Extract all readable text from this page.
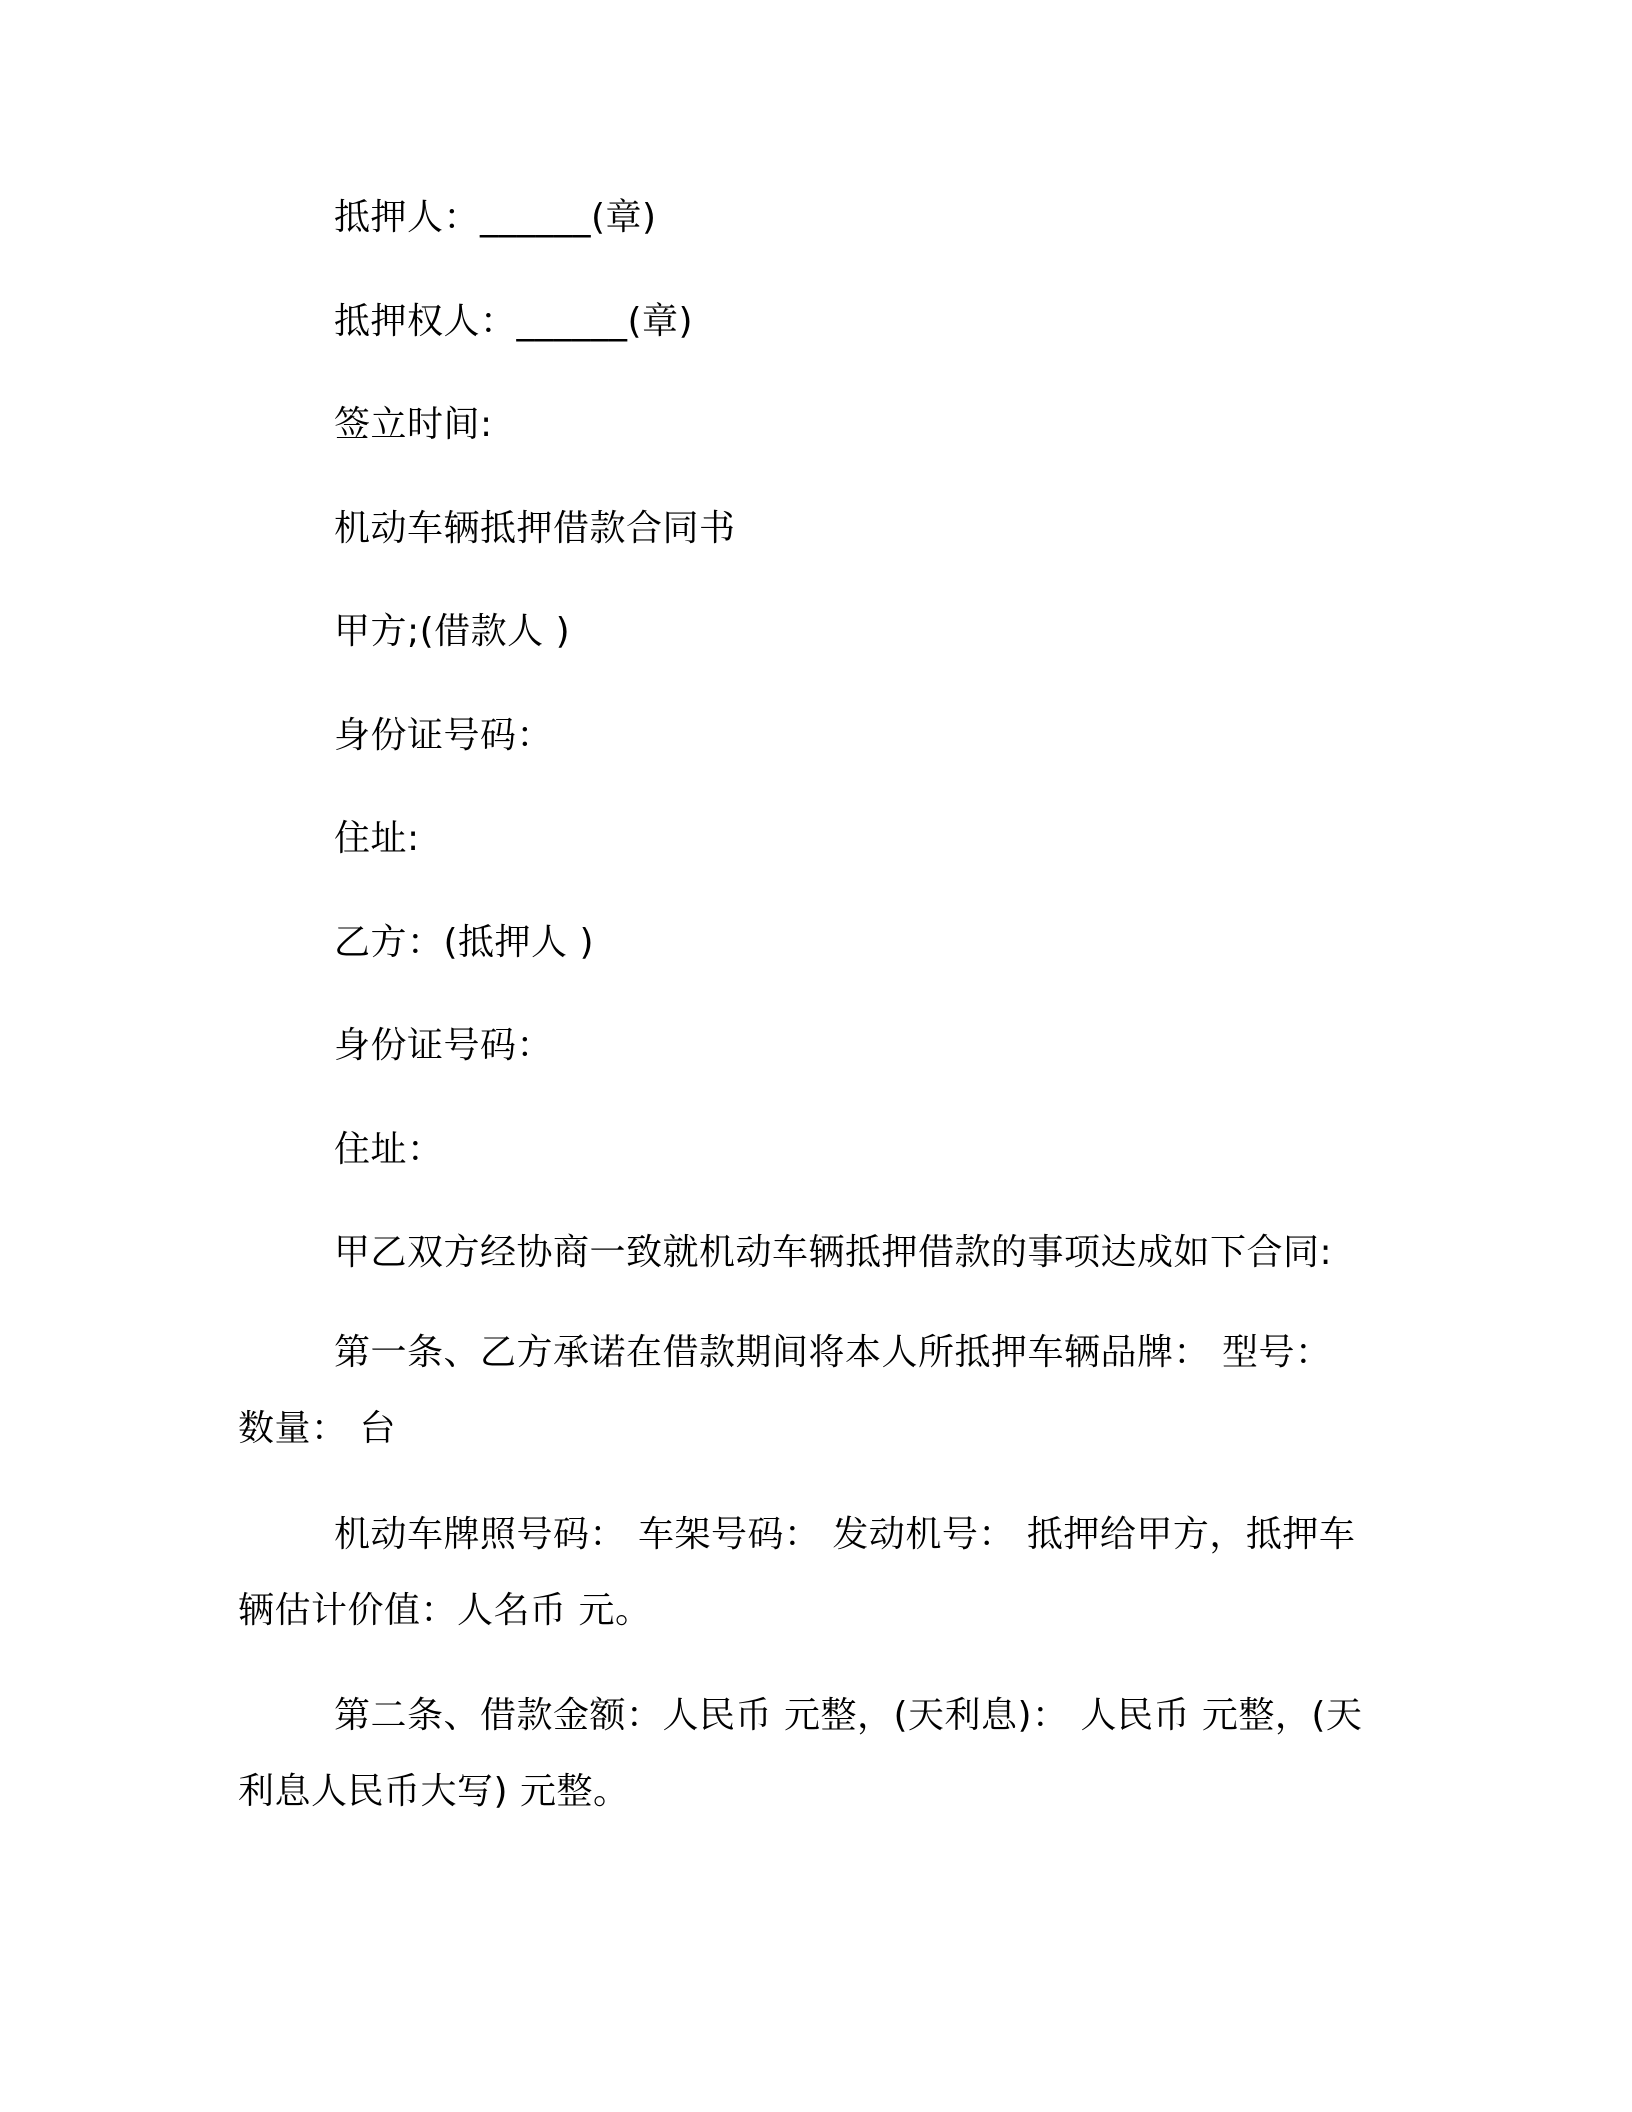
抵押人：______(章)
抵押权人：______(章)
签立时间:
机动车辆抵押借款合同书
甲方;(借款人 )
身份证号码：
住址:
乙方：(抵押人 )
身份证号码：
住址：
甲乙双方经协商一致就机动车辆抵押借款的事项达成如下合同:
第一条、乙方承诺在借款期间将本人所抵押车辆品牌： 型号： 数量： 台
机动车牌照号码： 车架号码： 发动机号： 抵押给甲方，抵押车辆估计价值：人名币 元。
第二条、借款金额：人民币 元整，(天利息)： 人民币 元整，(天利息人民币大写) 元整。
